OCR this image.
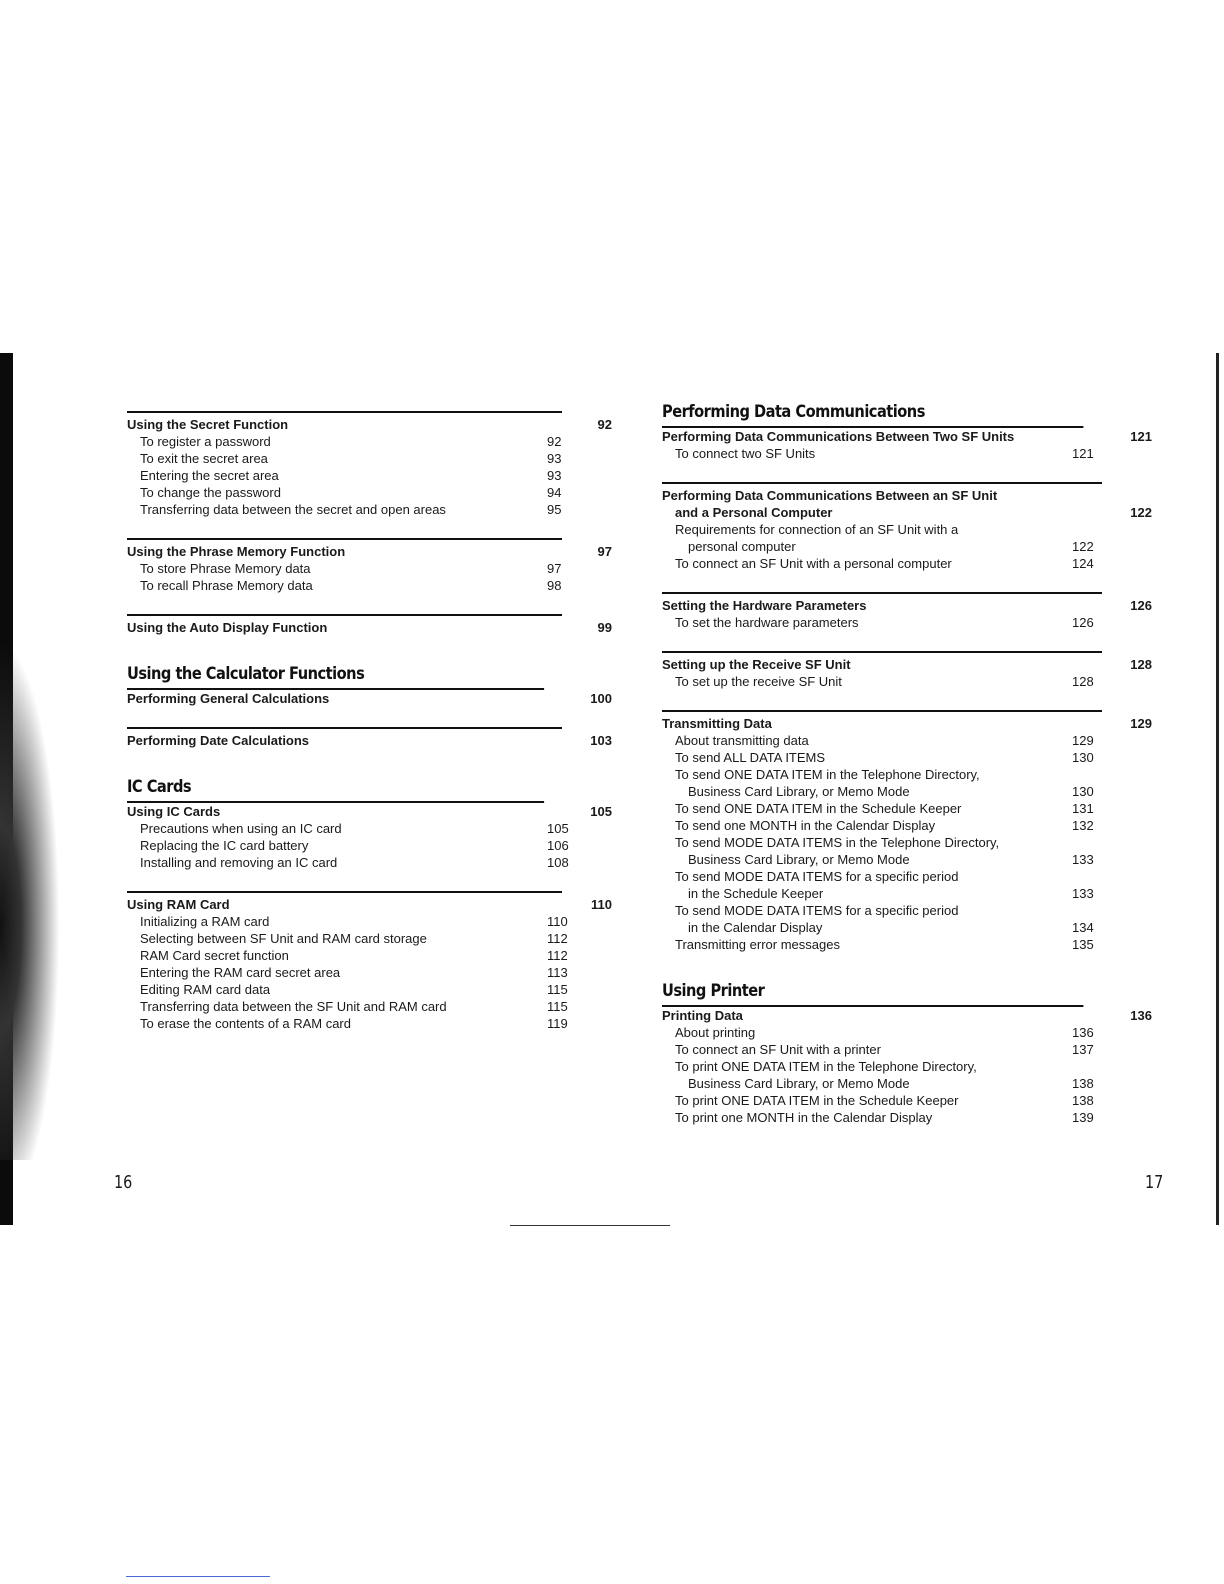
Using the Secret Function	92
To register a password	92
To exit the secret area	93
Entering the secret area	93
To change the password	94
Transferring data between the secret and open areas	95
Using the Phrase Memory Function	97
To store Phrase Memory data	97
To recall Phrase Memory data	98
Using the Auto Display Function	99
Using the Calculator Functions
Performing General Calculations	100
Performing Date Calculations	103
IC Cards
Using IC Cards	105
Precautions when using an IC card	105
Replacing the IC card battery	106
Installing and removing an IC card	108
Using RAM Card	110
Initializing a RAM card	110
Selecting between SF Unit and RAM card storage	112
RAM Card secret function	112
Entering the RAM card secret area	113
Editing RAM card data	115
Transferring data between the SF Unit and RAM card	115
To erase the contents of a RAM card	119
Performing Data Communications
Performing Data Communications Between Two SF Units	121
To connect two SF Units	121
Performing Data Communications Between an SF Unit
and a Personal Computer	122
Requirements for connection of an SF Unit with a
personal computer	122
To connect an SF Unit with a personal computer	124
Setting the Hardware Parameters	126
To set the hardware parameters	126
Setting up the Receive SF Unit	128
To set up the receive SF Unit	128
Transmitting Data	129
About transmitting data	129
To send ALL DATA ITEMS	130
To send ONE DATA ITEM in the Telephone Directory,
Business Card Library, or Memo Mode	130
To send ONE DATA ITEM in the Schedule Keeper	131
To send one MONTH in the Calendar Display	132
To send MODE DATA ITEMS in the Telephone Directory,
Business Card Library, or Memo Mode	133
To send MODE DATA ITEMS for a specific period
in the Schedule Keeper	133
To send MODE DATA ITEMS for a specific period
in the Calendar Display	134
Transmitting error messages	135
Using Printer
Printing Data	136
About printing	136
To connect an SF Unit with a printer	137
To print ONE DATA ITEM in the Telephone Directory,
Business Card Library, or Memo Mode	138
To print ONE DATA ITEM in the Schedule Keeper	138
To print one MONTH in the Calendar Display	139
16	17
